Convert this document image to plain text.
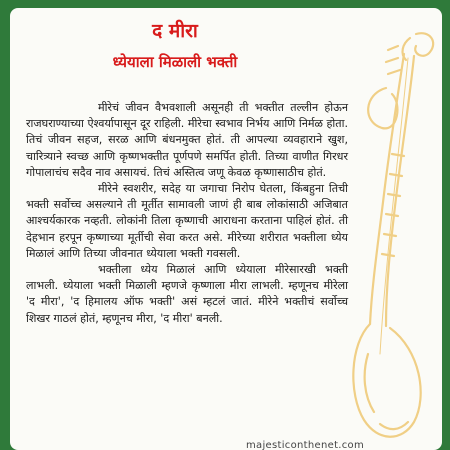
द मीरा
ध्येयाला मिळाली भक्ती

मीरेचं जीवन वैभवशाली असूनही ती भक्तीत तल्लीन होऊन राजघराण्याच्या ऐश्वर्यापासून दूर राहिली. मीरेचा स्वभाव निर्भय आणि निर्मळ होता. तिचं जीवन सहज, सरळ आणि बंधनमुक्त होतं. ती आपल्या व्यवहाराने खुश, चारित्र्याने स्वच्छ आणि कृष्णभक्तीत पूर्णपणे समर्पित होती. तिच्या वाणीत गिरधर गोपालाचंच सदैव नाव असायचं. तिचं अस्तित्व जणू केवळ कृष्णासाठीच होतं.

मीरेने स्वशरीर, सदेह या जगाचा निरोप घेतला, किंबहुना तिची भक्ती सर्वोच्च असल्याने ती मूर्तीत सामावली जाणं ही बाब लोकांसाठी अजिबात आश्चर्यकारक नव्हती. लोकांनी तिला कृष्णाची आराधना करताना पाहिलं होतं. ती देहभान हरपून कृष्णाच्या मूर्तीची सेवा करत असे. मीरेच्या शरीरात भक्तीला ध्येय मिळालं आणि तिच्या जीवनात ध्येयाला भक्ती गवसली.

भक्तीला ध्येय मिळालं आणि ध्येयाला मीरेसारखी भक्ती लाभली. ध्येयाला भक्ती मिळाली म्हणजे कृष्णाला मीरा लाभली. म्हणूनच मीरेला 'द मीरा', 'द हिमालय ऑफ भक्ती' असं म्हटलं जातं. मीरेने भक्तीचं सर्वोच्च शिखर गाठलं होतं, म्हणूनच मीरा, 'द मीरा' बनली.

majesticonthenet.com
